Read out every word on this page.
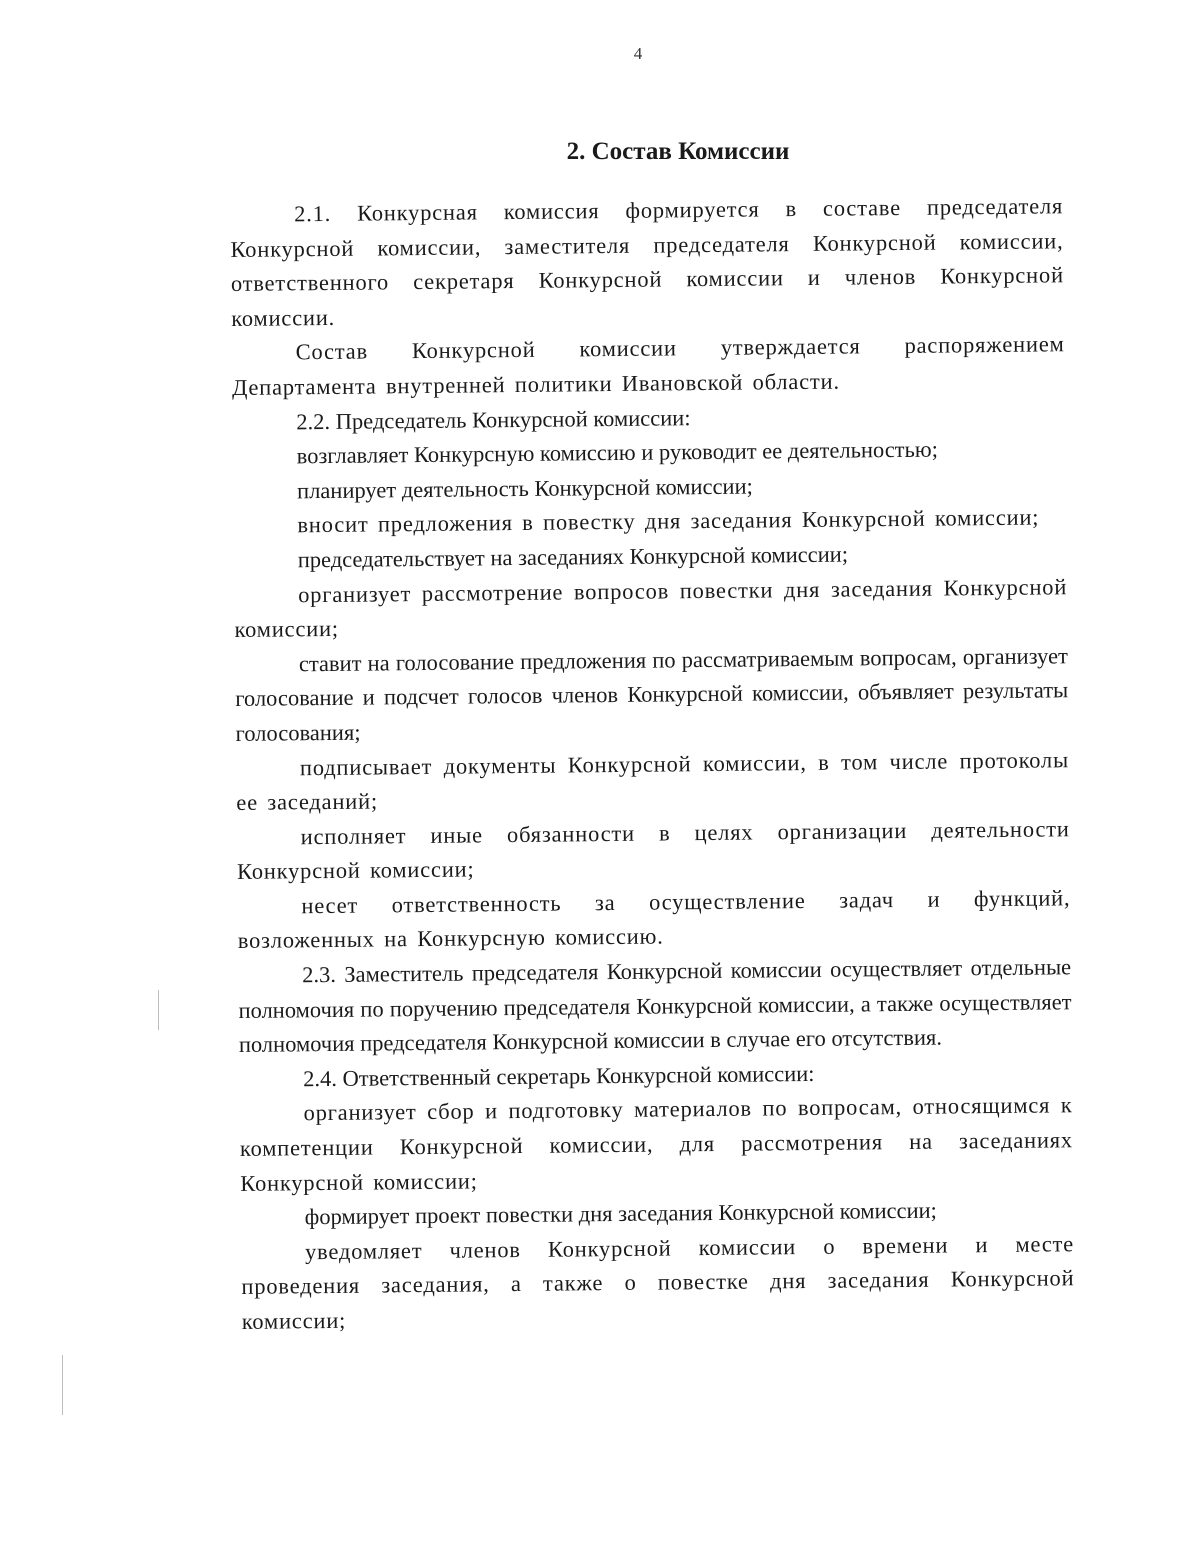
4
2. Состав Комиссии

2.1. Конкурсная комиссия формируется в составе председателя Конкурсной комиссии, заместителя председателя Конкурсной комиссии, ответственного секретаря Конкурсной комиссии и членов Конкурсной комиссии.

Состав Конкурсной комиссии утверждается распоряжением Департамента внутренней политики Ивановской области.

2.2. Председатель Конкурсной комиссии:

возглавляет Конкурсную комиссию и руководит ее деятельностью;

планирует деятельность Конкурсной комиссии;

вносит предложения в повестку дня заседания Конкурсной комиссии;

председательствует на заседаниях Конкурсной комиссии;

организует рассмотрение вопросов повестки дня заседания Конкурсной комиссии;

ставит на голосование предложения по рассматриваемым вопросам, организует голосование и подсчет голосов членов Конкурсной комиссии, объявляет результаты голосования;

подписывает документы Конкурсной комиссии, в том числе протоколы ее заседаний;

исполняет иные обязанности в целях организации деятельности Конкурсной комиссии;

несет ответственность за осуществление задач и функций, возложенных на Конкурсную комиссию.

2.3. Заместитель председателя Конкурсной комиссии осуществляет отдельные полномочия по поручению председателя Конкурсной комиссии, а также осуществляет полномочия председателя Конкурсной комиссии в случае его отсутствия.

2.4. Ответственный секретарь Конкурсной комиссии:

организует сбор и подготовку материалов по вопросам, относящимся к компетенции Конкурсной комиссии, для рассмотрения на заседаниях Конкурсной комиссии;

формирует проект повестки дня заседания Конкурсной комиссии;

уведомляет членов Конкурсной комиссии о времени и месте проведения заседания, а также о повестке дня заседания Конкурсной комиссии;
